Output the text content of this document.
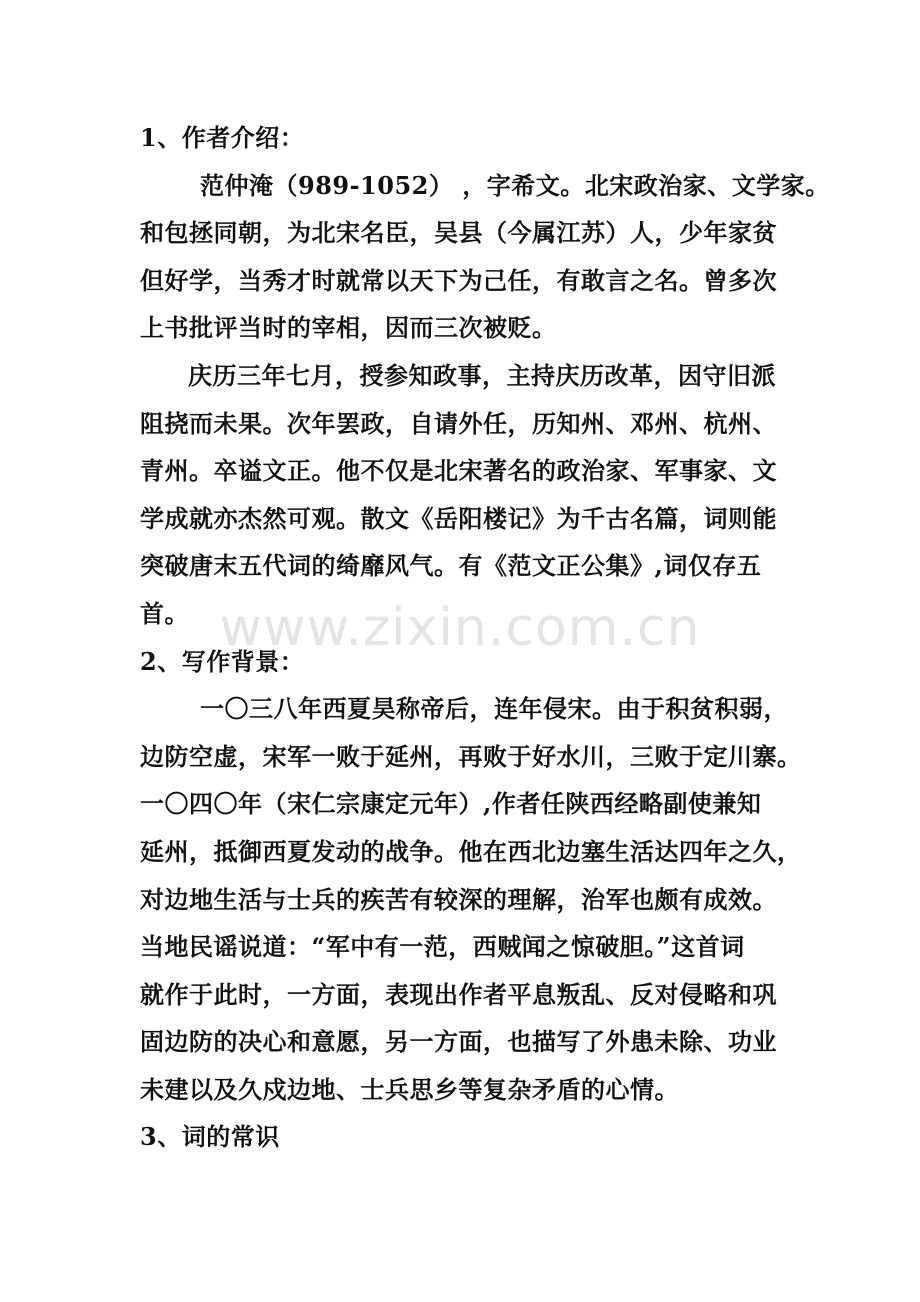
www.zixin.com.cn
1、作者介绍：
范仲淹（989-1052） ，字希文。北宋政治家、文学家。
和包拯同朝，为北宋名臣，吴县（今属江苏）人，少年家贫
但好学，当秀才时就常以天下为己任，有敢言之名。曾多次
上书批评当时的宰相，因而三次被贬。
庆历三年七月，授参知政事，主持庆历改革，因守旧派
阻挠而未果。次年罢政，自请外任，历知州、邓州、杭州、
青州。卒谥文正。他不仅是北宋著名的政治家、军事家、文
学成就亦杰然可观。散文《岳阳楼记》为千古名篇，词则能
突破唐末五代词的绮靡风气。有《范文正公集》,词仅存五
首。
2、写作背景：
一〇三八年西夏昊称帝后，连年侵宋。由于积贫积弱，
边防空虚，宋军一败于延州，再败于好水川，三败于定川寨。
一〇四〇年（宋仁宗康定元年）,作者任陕西经略副使兼知
延州，抵御西夏发动的战争。他在西北边塞生活达四年之久，
对边地生活与士兵的疾苦有较深的理解，治军也颇有成效。
当地民谣说道：“军中有一范，西贼闻之惊破胆。”这首词
就作于此时，一方面，表现出作者平息叛乱、反对侵略和巩
固边防的决心和意愿，另一方面，也描写了外患未除、功业
未建以及久戍边地、士兵思乡等复杂矛盾的心情。
3、词的常识
